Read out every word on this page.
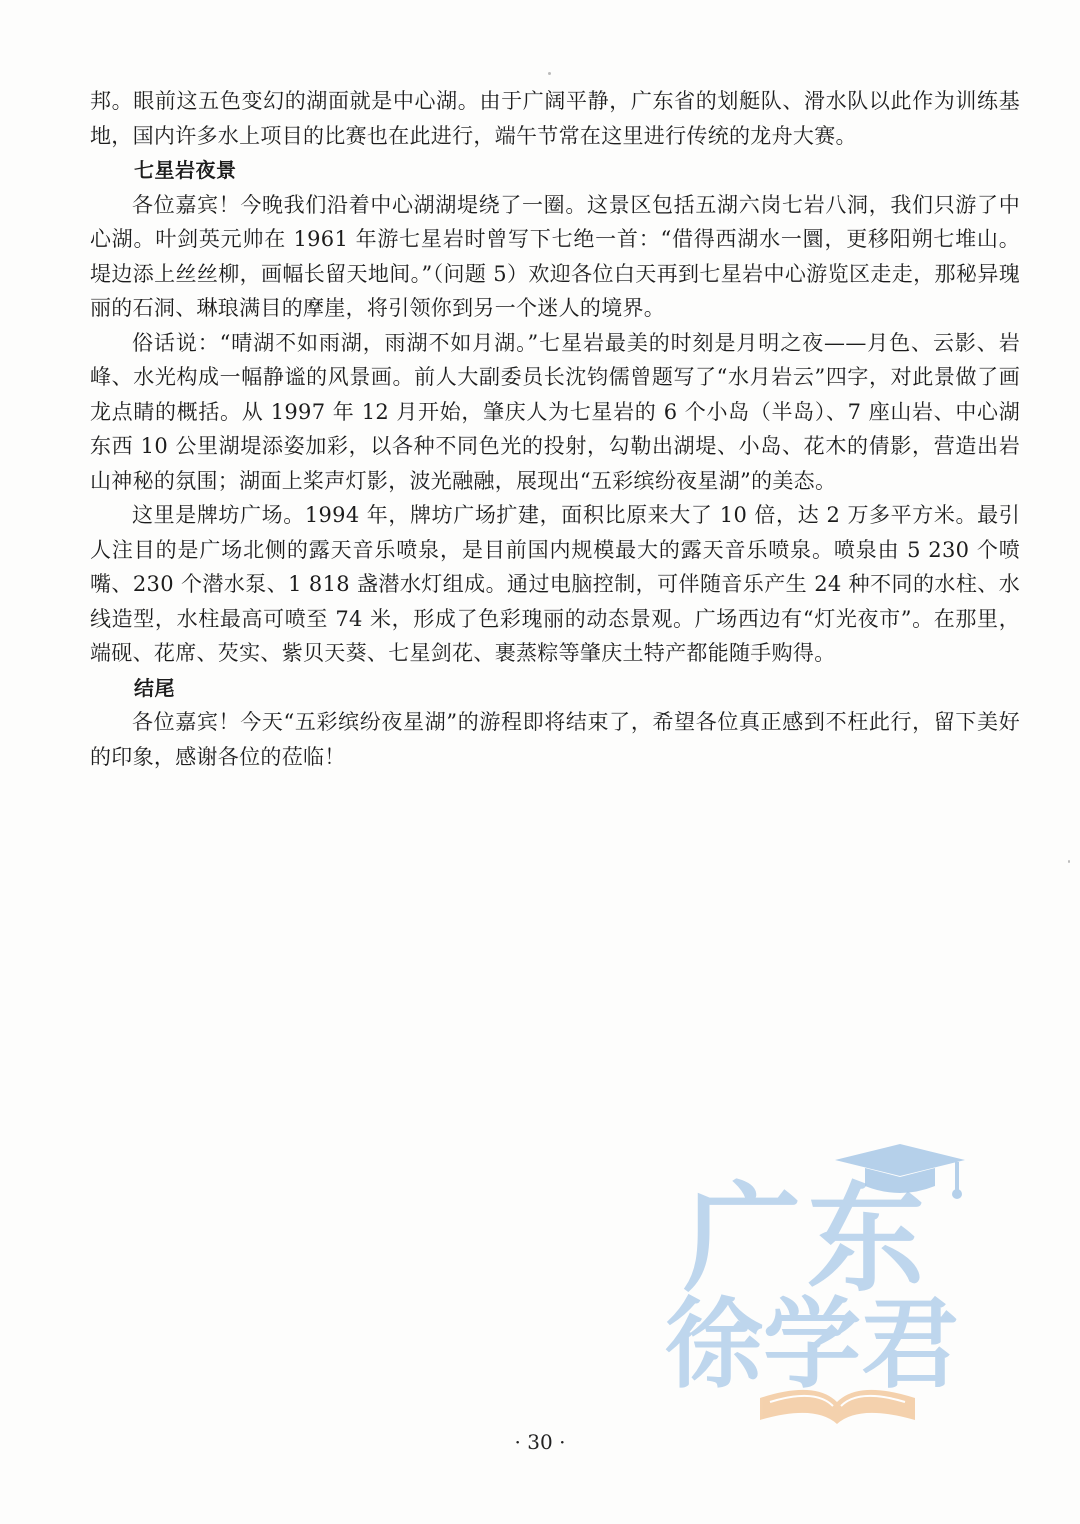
邦。眼前这五色变幻的湖面就是中心湖。由于广阔平静，广东省的划艇队、滑水队以此作为训练基地，国内许多水上项目的比赛也在此进行，端午节常在这里进行传统的龙舟大赛。

七星岩夜景

各位嘉宾！今晚我们沿着中心湖湖堤绕了一圈。这景区包括五湖六岗七岩八洞，我们只游了中心湖。叶剑英元帅在 1961 年游七星岩时曾写下七绝一首：“借得西湖水一圜，更移阳朔七堆山。堤边添上丝丝柳，画幅长留天地间。”（问题 5）欢迎各位白天再到七星岩中心游览区走走，那秘异瑰丽的石洞、琳琅满目的摩崖，将引领你到另一个迷人的境界。

俗话说：“晴湖不如雨湖，雨湖不如月湖。”七星岩最美的时刻是月明之夜——月色、云影、岩峰、水光构成一幅静谧的风景画。前人大副委员长沈钧儒曾题写了“水月岩云”四字，对此景做了画龙点睛的概括。从 1997 年 12 月开始，肇庆人为七星岩的 6 个小岛（半岛）、7 座山岩、中心湖东西 10 公里湖堤添姿加彩，以各种不同色光的投射，勾勒出湖堤、小岛、花木的倩影，营造出岩山神秘的氛围；湖面上桨声灯影，波光融融，展现出“五彩缤纷夜星湖”的美态。

这里是牌坊广场。1994 年，牌坊广场扩建，面积比原来大了 10 倍，达 2 万多平方米。最引人注目的是广场北侧的露天音乐喷泉，是目前国内规模最大的露天音乐喷泉。喷泉由 5 230 个喷嘴、230 个潜水泵、1 818 盏潜水灯组成。通过电脑控制，可伴随音乐产生 24 种不同的水柱、水线造型，水柱最高可喷至 74 米，形成了色彩瑰丽的动态景观。广场西边有“灯光夜市”。在那里，端砚、花席、芡实、紫贝天葵、七星剑花、裹蒸粽等肇庆土特产都能随手购得。

结尾

各位嘉宾！今天“五彩缤纷夜星湖”的游程即将结束了，希望各位真正感到不枉此行，留下美好的印象，感谢各位的莅临！

· 30 ·
广东
徐学君
